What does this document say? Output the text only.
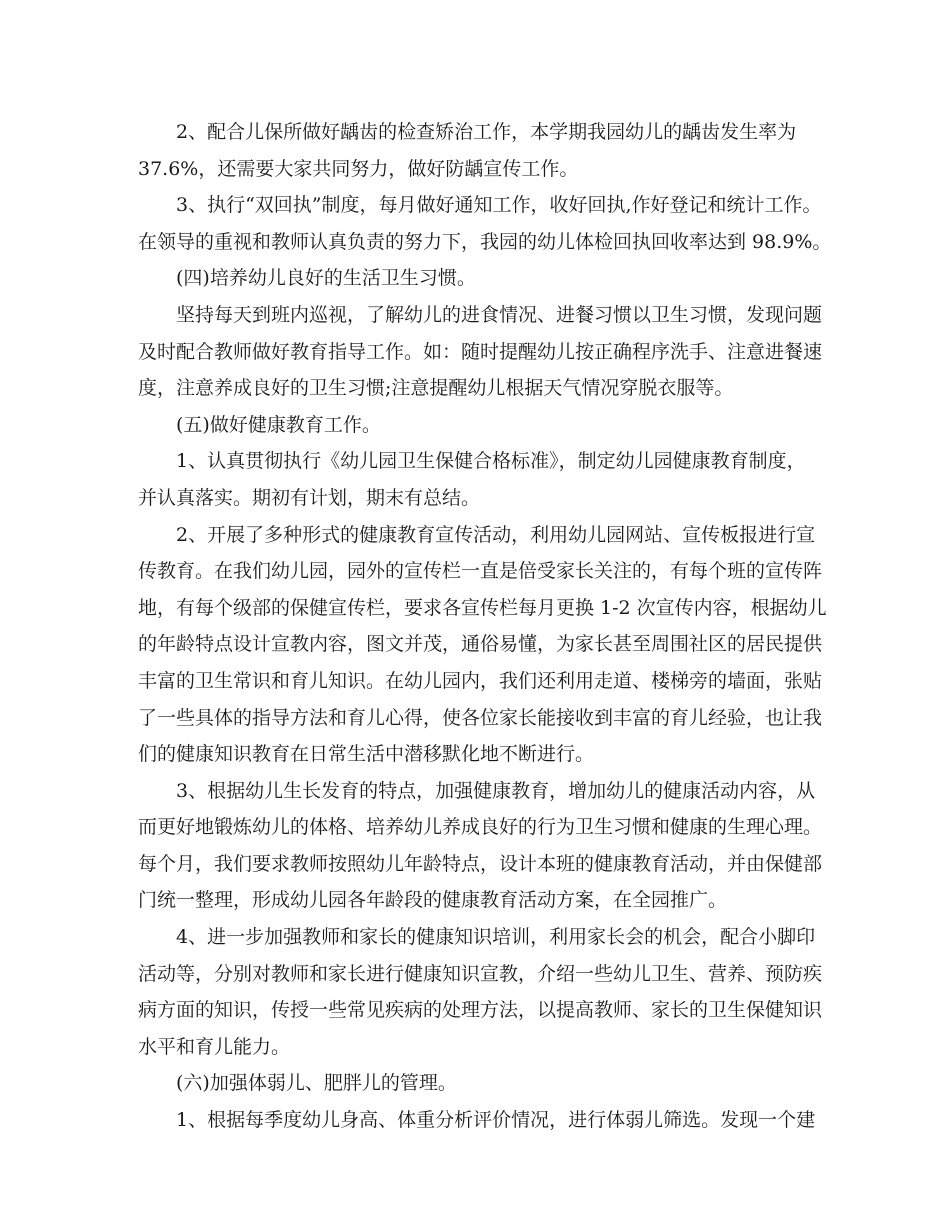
2、配合儿保所做好龋齿的检查矫治工作，本学期我园幼儿的龋齿发生率为
37.6%，还需要大家共同努力，做好防龋宣传工作。
3、执行“双回执”制度，每月做好通知工作，收好回执,作好登记和统计工作。
在领导的重视和教师认真负责的努力下，我园的幼儿体检回执回收率达到 98.9%。
(四)培养幼儿良好的生活卫生习惯。
坚持每天到班内巡视，了解幼儿的进食情况、进餐习惯以卫生习惯，发现问题
及时配合教师做好教育指导工作。如：随时提醒幼儿按正确程序洗手、注意进餐速
度，注意养成良好的卫生习惯;注意提醒幼儿根据天气情况穿脱衣服等。
(五)做好健康教育工作。
1、认真贯彻执行《幼儿园卫生保健合格标准》，制定幼儿园健康教育制度，
并认真落实。期初有计划，期末有总结。
2、开展了多种形式的健康教育宣传活动，利用幼儿园网站、宣传板报进行宣
传教育。在我们幼儿园，园外的宣传栏一直是倍受家长关注的，有每个班的宣传阵
地，有每个级部的保健宣传栏，要求各宣传栏每月更换 1-2 次宣传内容，根据幼儿
的年龄特点设计宣教内容，图文并茂，通俗易懂，为家长甚至周围社区的居民提供
丰富的卫生常识和育儿知识。在幼儿园内，我们还利用走道、楼梯旁的墙面，张贴
了一些具体的指导方法和育儿心得，使各位家长能接收到丰富的育儿经验，也让我
们的健康知识教育在日常生活中潜移默化地不断进行。
3、根据幼儿生长发育的特点，加强健康教育，增加幼儿的健康活动内容，从
而更好地锻炼幼儿的体格、培养幼儿养成良好的行为卫生习惯和健康的生理心理。
每个月，我们要求教师按照幼儿年龄特点，设计本班的健康教育活动，并由保健部
门统一整理，形成幼儿园各年龄段的健康教育活动方案，在全园推广。
4、进一步加强教师和家长的健康知识培训，利用家长会的机会，配合小脚印
活动等，分别对教师和家长进行健康知识宣教，介绍一些幼儿卫生、营养、预防疾
病方面的知识，传授一些常见疾病的处理方法，以提高教师、家长的卫生保健知识
水平和育儿能力。
(六)加强体弱儿、肥胖儿的管理。
1、根据每季度幼儿身高、体重分析评价情况，进行体弱儿筛选。发现一个建
